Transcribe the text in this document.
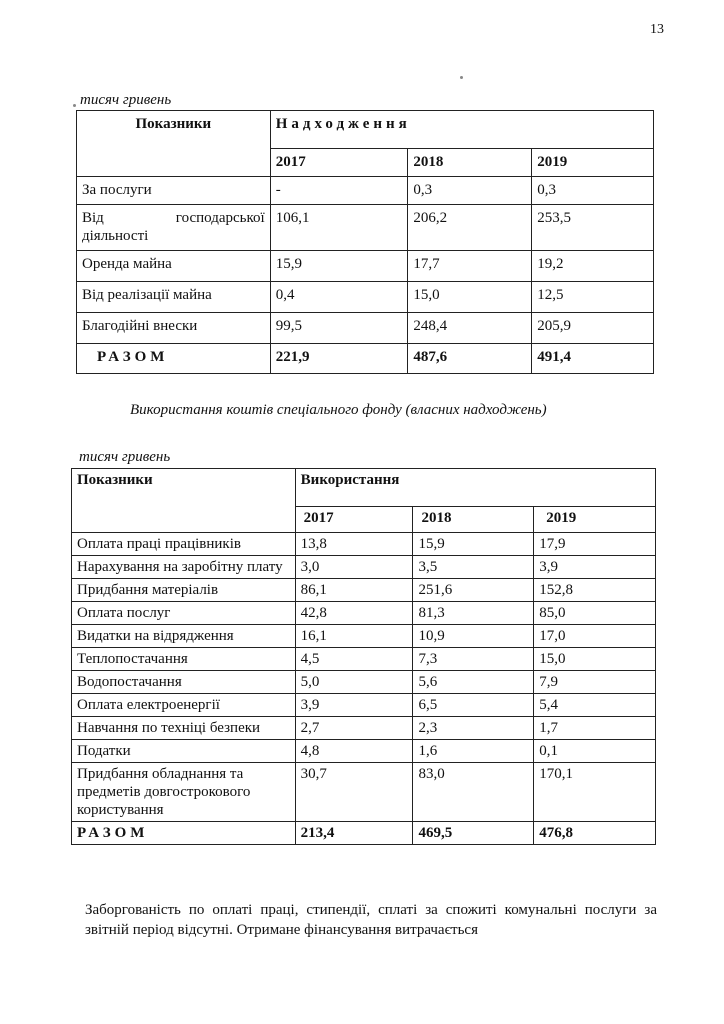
13
тисяч гривень
Показники	Надходження		
	2017	2018	2019
За послуги	-	0,3	0,3
Від господарської діяльності	106,1	206,2	253,5
Оренда майна	15,9	17,7	19,2
Від реалізації майна	0,4	15,0	12,5
Благодійні внески	99,5	248,4	205,9
РАЗОМ	221,9	487,6	491,4
Використання коштів спеціального фонду (власних надходжень)
тисяч гривень
Показники	Використання		
	2017	2018	2019
Оплата праці працівників	13,8	15,9	17,9
Нарахування на заробітну плату	3,0	3,5	3,9
Придбання матеріалів	86,1	251,6	152,8
Оплата послуг	42,8	81,3	85,0
Видатки на відрядження	16,1	10,9	17,0
Теплопостачання	4,5	7,3	15,0
Водопостачання	5,0	5,6	7,9
Оплата електроенергії	3,9	6,5	5,4
Навчання по техніці безпеки	2,7	2,3	1,7
Податки	4,8	1,6	0,1
Придбання обладнання та предметів довгострокового користування	30,7	83,0	170,1
РАЗОМ	213,4	469,5	476,8
Заборгованість по оплаті праці, стипендії, сплаті за спожиті комунальні послуги за звітній період відсутні. Отримане фінансування витрачається
